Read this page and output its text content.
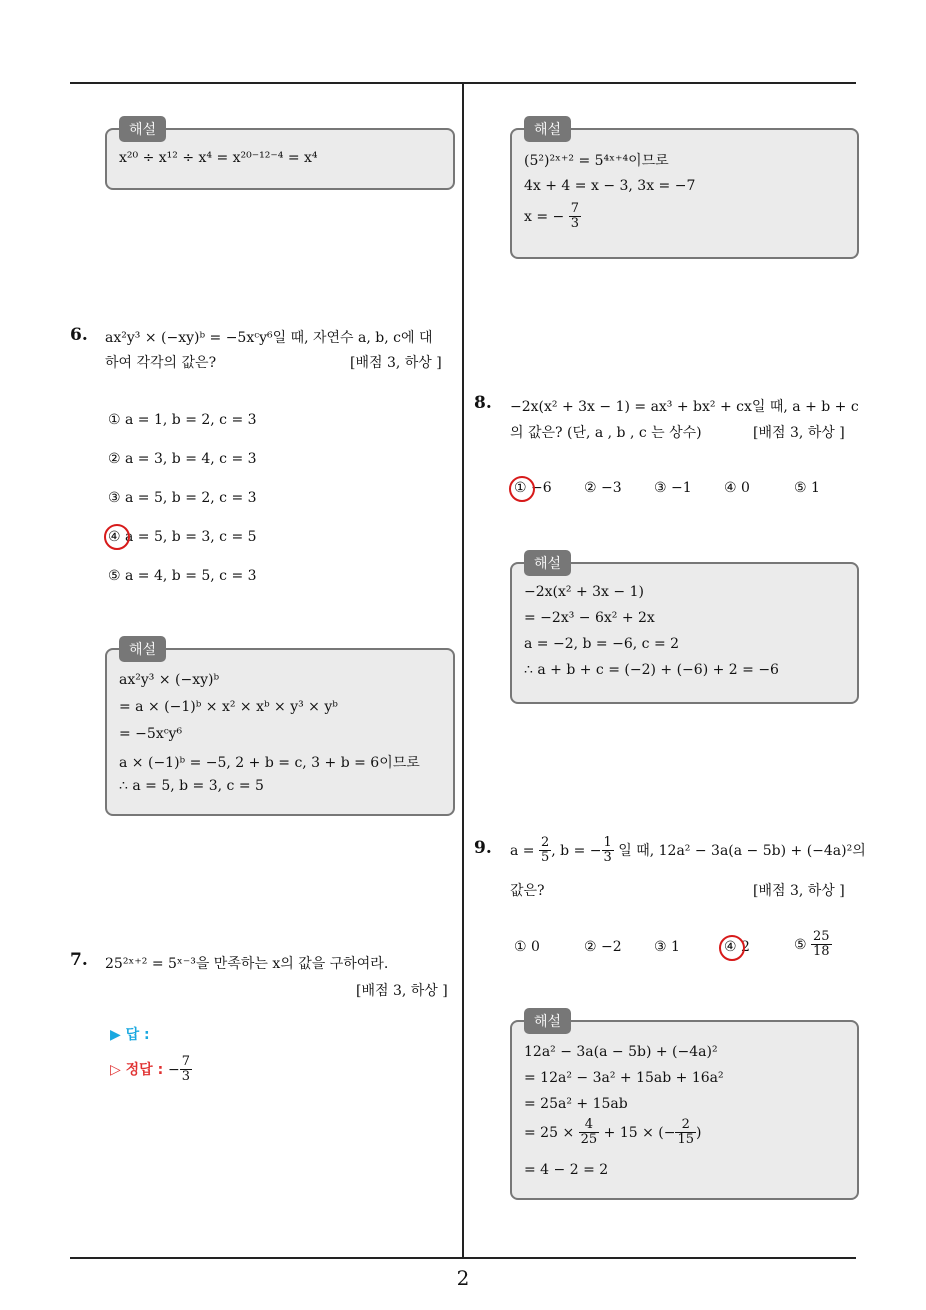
2
해설
x²⁰ ÷ x¹² ÷ x⁴ = x²⁰⁻¹²⁻⁴ = x⁴
6. ax²y³ × (−xy)ᵇ = −5xᶜy⁶일 때, 자연수 a, b, c에 대
하여 각각의 값은?	[배점 3, 하상 ]
① a = 1, b = 2, c = 3
② a = 3, b = 4, c = 3
③ a = 5, b = 2, c = 3
④ a = 5, b = 3, c = 5
⑤ a = 4, b = 5, c = 3
해설
ax²y³ × (−xy)ᵇ
= a × (−1)ᵇ × x² × xᵇ × y³ × yᵇ
= −5xᶜy⁶
a × (−1)ᵇ = −5, 2 + b = c, 3 + b = 6이므로
∴ a = 5, b = 3, c = 5
7. 25²ˣ⁺² = 5ˣ⁻³을 만족하는 x의 값을 구하여라.
[배점 3, 하상 ]
▶ 답 :
▷ 정답 : − $\frac{7}{3}$
해설
(5²)²ˣ⁺² = 5⁴ˣ⁺⁴이므로
4x + 4 = x − 3, 3x = −7
x = − $\frac{7}{3}$
8. −2x(x² + 3x − 1) = ax³ + bx² + cx일 때, a + b + c
의 값은? (단, a , b , c 는 상수)	[배점 3, 하상 ]
① −6 ② −3 ③ −1 ④ 0	⑤ 1
해설
−2x(x² + 3x − 1)
= −2x³ − 6x² + 2x
a = −2, b = −6, c = 2
∴ a + b + c = (−2) + (−6) + 2 = −6
9. $a = \frac{2}{5}$ , b = − $\frac{1}{3}$ 일 때, 12a² − 3a(a − 5b) + (−4a)²의
값은?	[배점 3, 하상 ]
① 0	② −2 ③ 1	④ 2	⑤ $\frac{25}{18}$
해설
12a² − 3a(a − 5b) + (−4a)²
= 12a² − 3a² + 15ab + 16a²
= 25a² + 15ab
= $25 \times \frac{4}{25} + 15$ × (− $\frac{2}{15}$ )
= 4 − 2 = 2
